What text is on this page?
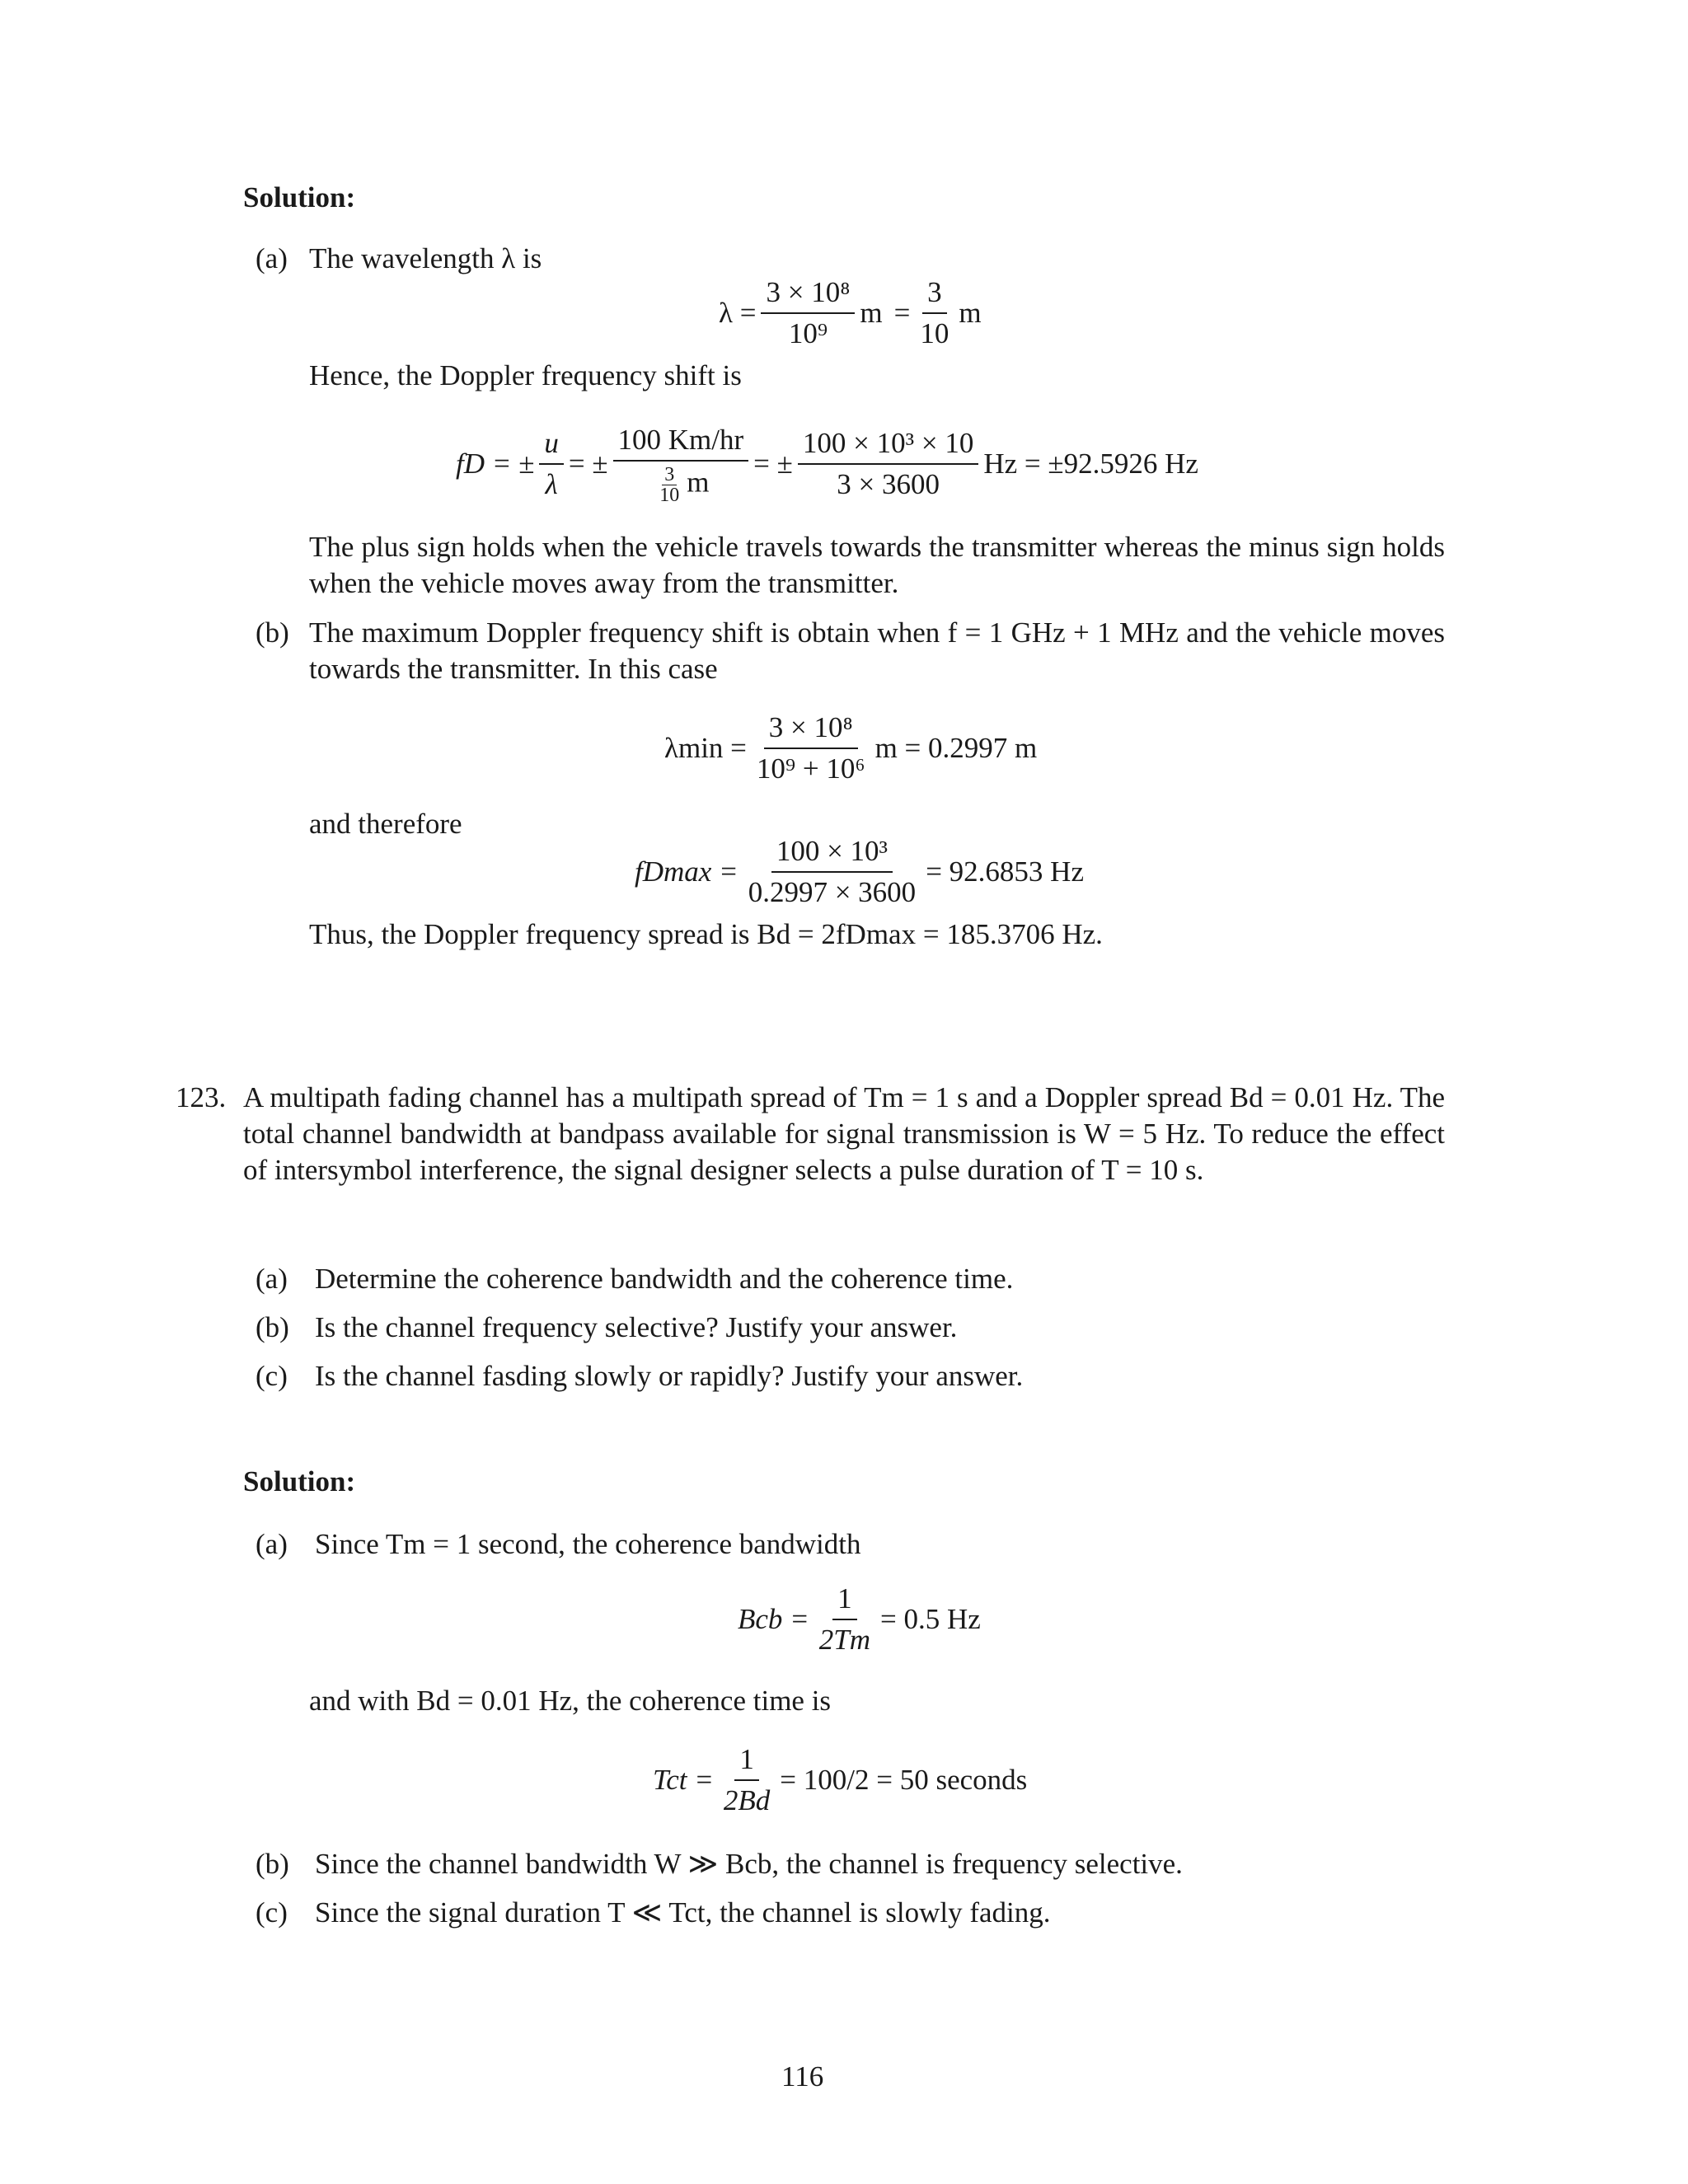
Solution:
(a) The wavelength λ is
$\lambda = \frac{\text{3 × 10⁸}}{\text{10⁹}}$ $m = \frac{3}{10}$ m
Hence, the Doppler frequency shift is
fD = ± $\frac{u}{\lambda}$ = ± $\frac{100 Km/hr}{\frac{3}{10} m}$ = ± $\frac{\text{100 × 10³ × 10}}{3 \times 3600}$ Hz = ±92.5926 Hz
The plus sign holds when the vehicle travels towards the transmitter whereas the minus sign holds when the vehicle moves away from the transmitter.
(b) The maximum Doppler frequency shift is obtain when f = 1 GHz + 1 MHz and the vehicle moves towards the transmitter. In this case
$\lambda\min = \frac{\text{3 × 10⁸}}{\text{10⁹ + 10⁶}}$ m = 0.2997 m
and therefore
$fDmax = \frac{\text{100 × 10³}}{0.2997 \times 3600} = 92.6853$ Hz
Thus, the Doppler frequency spread is Bd = 2fDmax = 185.3706 Hz.
123. A multipath fading channel has a multipath spread of Tm = 1 s and a Doppler spread Bd = 0.01 Hz. The total channel bandwidth at bandpass available for signal transmission is W = 5 Hz. To reduce the effect of intersymbol interference, the signal designer selects a pulse duration of T = 10 s.
(a) Determine the coherence bandwidth and the coherence time.
(b) Is the channel frequency selective? Justify your answer.
(c) Is the channel fasding slowly or rapidly? Justify your answer.
Solution:
(a) Since Tm = 1 second, the coherence bandwidth
Bcb = $\frac{1}{2Tm} = 0.5$ Hz
and with Bd = 0.01 Hz, the coherence time is
Tct = $\frac{1}{2Bd} = 100/2 = 50$ seconds
(b) Since the channel bandwidth W ≫ Bcb, the channel is frequency selective.
(c) Since the signal duration T ≪ Tct, the channel is slowly fading.
116
